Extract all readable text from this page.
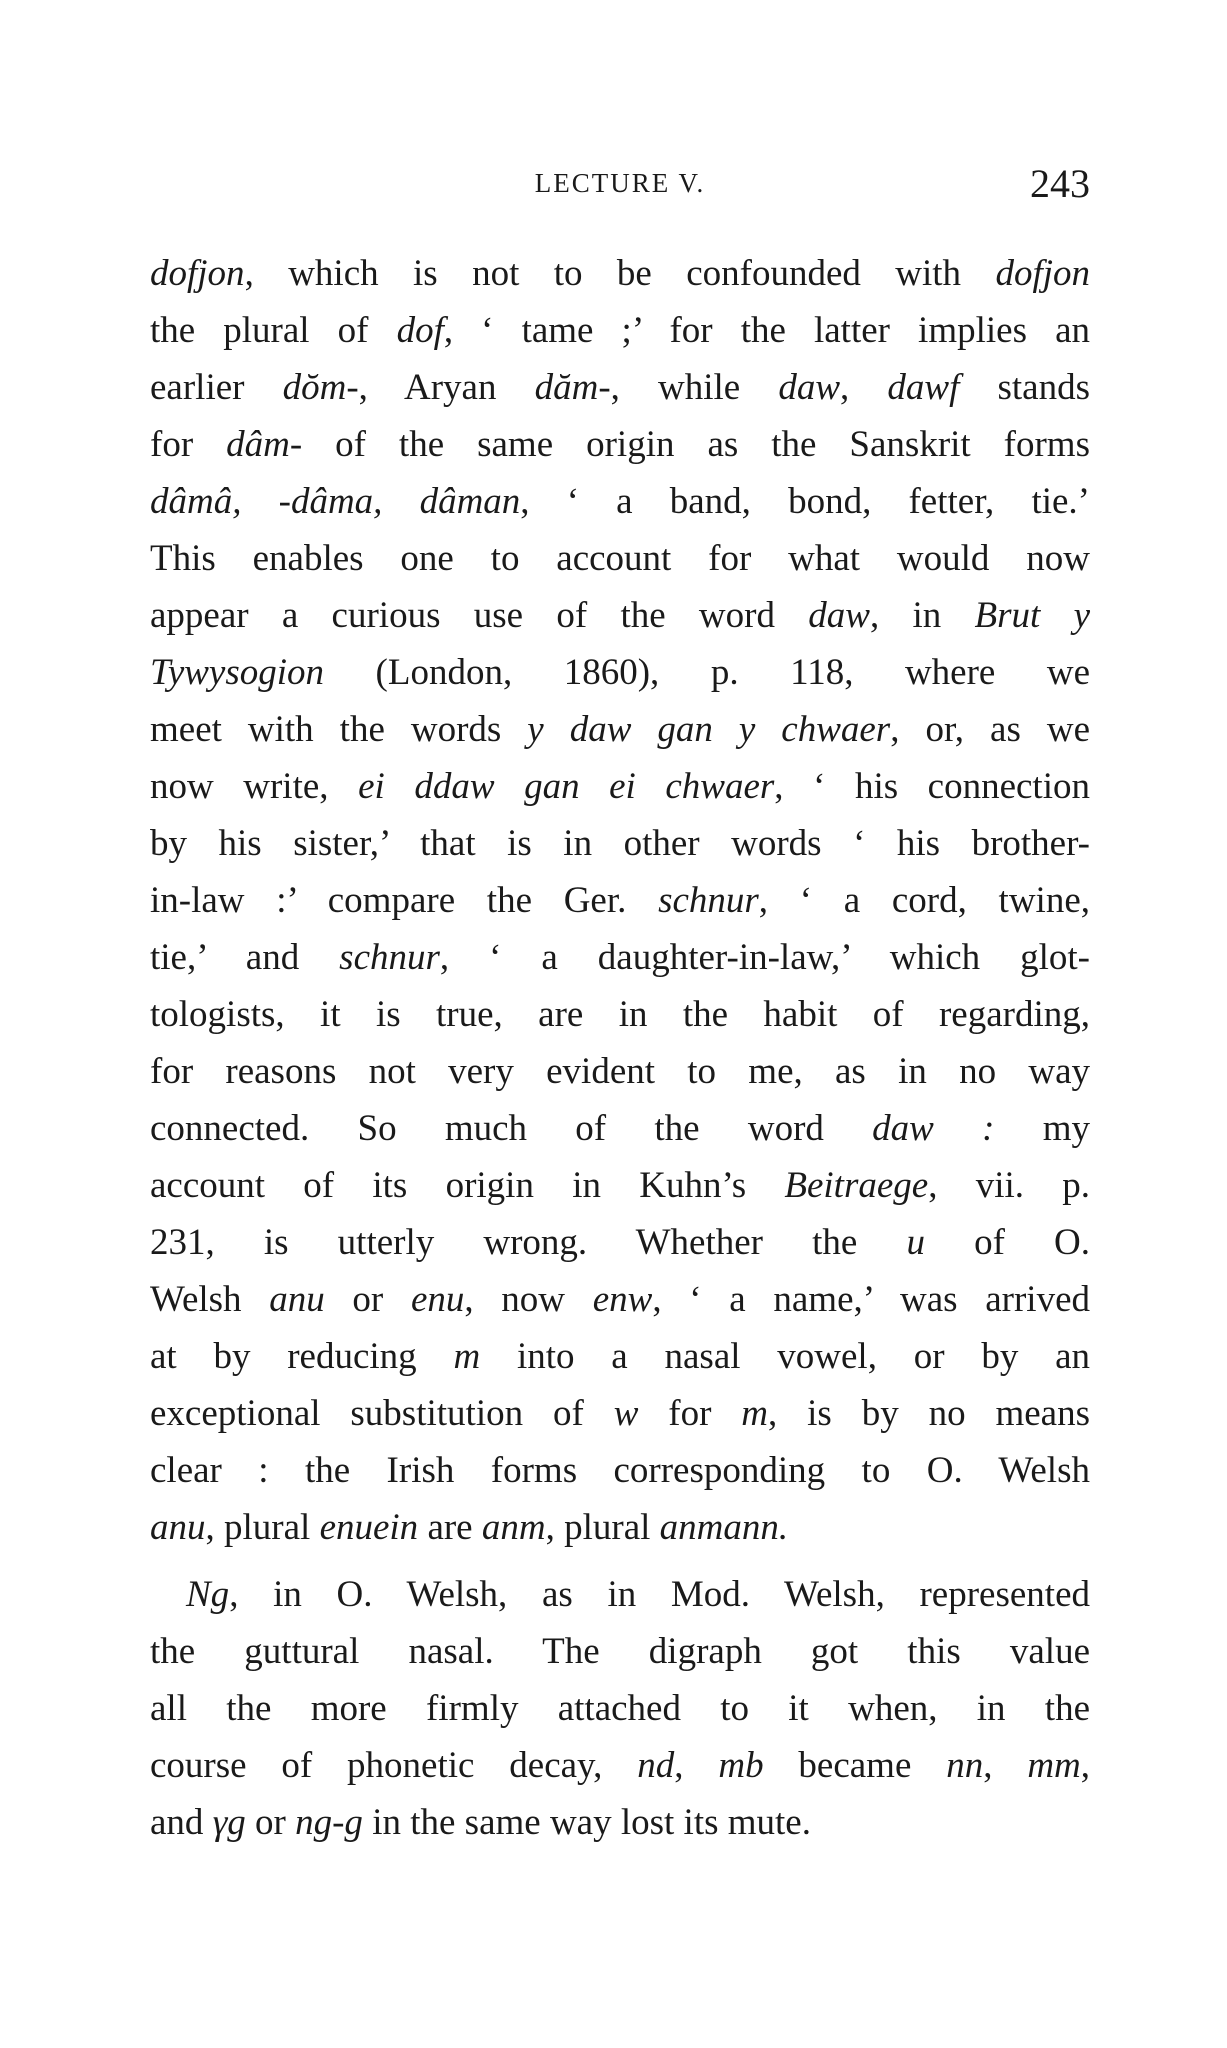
LECTURE V.	243
dofjon, which is not to be confounded with dofjon
the plural of dof, ‘ tame ;’ for the latter implies an
earlier dŏm-, Aryan dăm-, while daw, dawf stands
for dâm- of the same origin as the Sanskrit forms
dâmâ, -dâma, dâman, ‘ a band, bond, fetter, tie.’
This enables one to account for what would now
appear a curious use of the word daw, in Brut y
Tywysogion (London, 1860), p. 118, where we
meet with the words y daw gan y chwaer, or, as we
now write, ei ddaw gan ei chwaer, ‘ his connection
by his sister,’ that is in other words ‘ his brother-
in-law :’ compare the Ger. schnur, ‘ a cord, twine,
tie,’ and schnur, ‘ a daughter-in-law,’ which glot-
tologists, it is true, are in the habit of regarding,
for reasons not very evident to me, as in no way
connected. So much of the word daw : my
account of its origin in Kuhn’s Beitraege, vii. p.
231, is utterly wrong. Whether the u of O.
Welsh anu or enu, now enw, ‘ a name,’ was arrived
at by reducing m into a nasal vowel, or by an
exceptional substitution of w for m, is by no means
clear : the Irish forms corresponding to O. Welsh
anu, plural enuein are anm, plural anmann.
Ng, in O. Welsh, as in Mod. Welsh, represented
the guttural nasal. The digraph got this value
all the more firmly attached to it when, in the
course of phonetic decay, nd, mb became nn, mm,
and γg or ng-g in the same way lost its mute.
